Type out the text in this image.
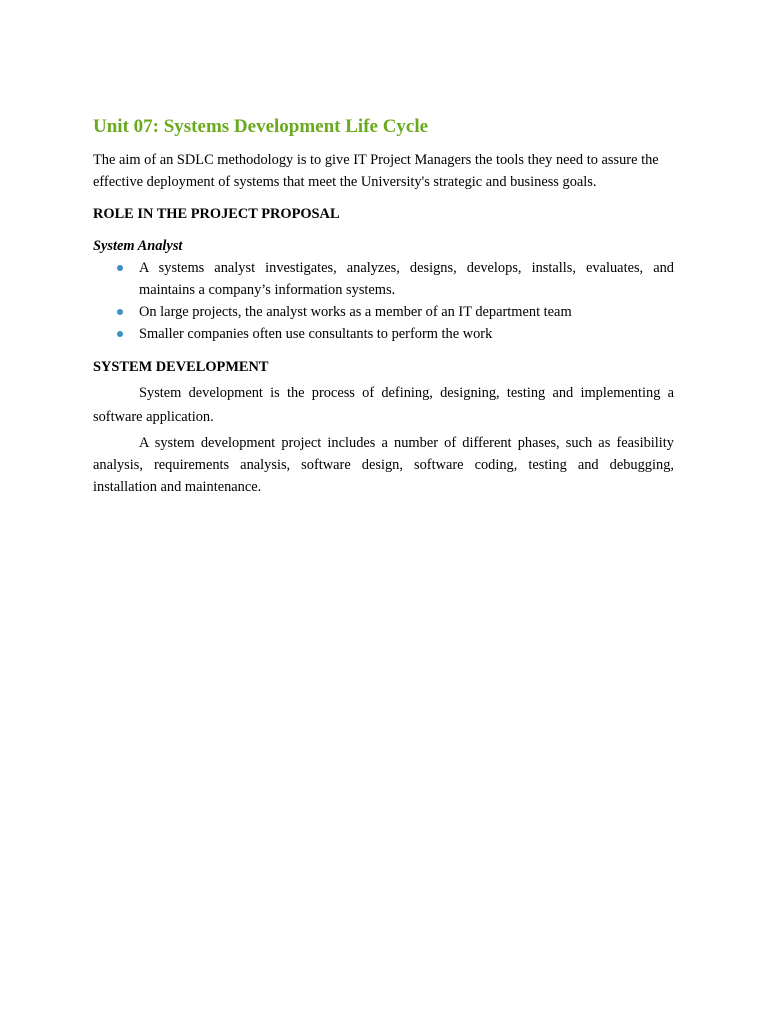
Unit 07: Systems Development Life Cycle

The aim of an SDLC methodology is to give IT Project Managers the tools they need to assure the effective deployment of systems that meet the University's strategic and business goals.

ROLE IN THE PROJECT PROPOSAL
System Analyst
A systems analyst investigates, analyzes, designs, develops, installs, evaluates, and maintains a company’s information systems.
On large projects, the analyst works as a member of an IT department team
Smaller companies often use consultants to perform the work
SYSTEM DEVELOPMENT

System development is the process of defining, designing, testing and implementing a software application.

A system development project includes a number of different phases, such as feasibility analysis, requirements analysis, software design, software coding, testing and debugging, installation and maintenance.
